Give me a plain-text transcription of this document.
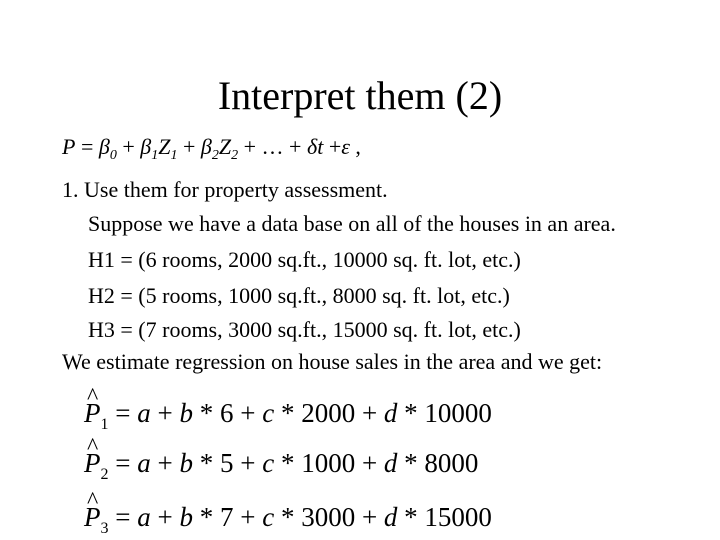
Interpret them (2)
$P = \beta_0 + \beta_1Z_1 + \beta_2Z_2$ + … + δt +ε ,
1. Use them for property assessment.
Suppose we have a data base on all of the houses in an area.
H1 = (6 rooms, 2000 sq.ft., 10000 sq. ft. lot, etc.)
H2 = (5 rooms, 1000 sq.ft., 8000 sq. ft. lot, etc.)
H3 = (7 rooms, 3000 sq.ft., 15000 sq. ft. lot, etc.)
We estimate regression on house sales in the area and we get:
^ $P_1 = a + b * 6 + c * 2000 + d * 10000$
^ $P_2 = a + b * 5 + c * 1000 + d * 8000$
^ $P_3 = a + b * 7 + c * 3000 + d * 15000$
